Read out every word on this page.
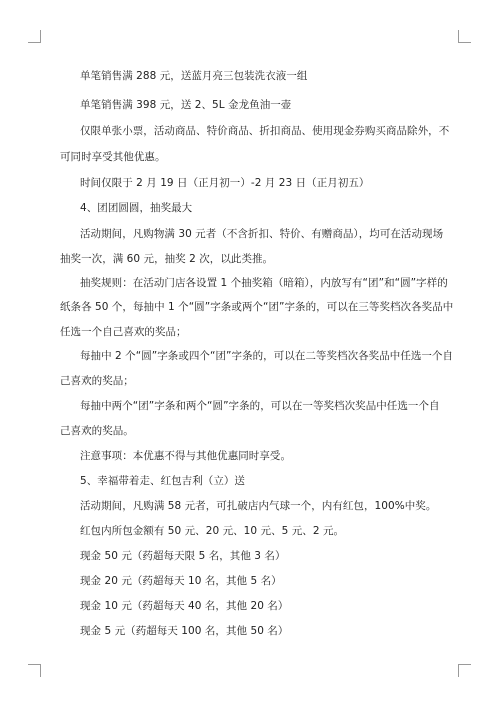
单笔销售满 288 元，送蓝月亮三包装洗衣液一组
单笔销售满 398 元，送 2、5L 金龙鱼油一壶
仅限单张小票，活动商品、特价商品、折扣商品、使用现金券购买商品除外，不
可同时享受其他优惠。
时间仅限于 2 月 19 日（正月初一）-2 月 23 日（正月初五）
4、团团圆圆，抽奖最大
活动期间，凡购物满 30 元者（不含折扣、特价、有赠商品），均可在活动现场
抽奖一次，满 60 元，抽奖 2 次，以此类推。
抽奖规则：在活动门店各设置 1 个抽奖箱（暗箱），内放写有“团”和“圆”字样的
纸条各 50 个，每抽中 1 个“圆”字条或两个“团”字条的，可以在三等奖档次各奖品中
任选一个自己喜欢的奖品；
每抽中 2 个“圆”字条或四个“团”字条的，可以在二等奖档次各奖品中任选一个自
己喜欢的奖品；
每抽中两个“团”字条和两个“圆”字条的，可以在一等奖档次奖品中任选一个自
己喜欢的奖品。
注意事项：本优惠不得与其他优惠同时享受。
5、幸福带着走、红包吉利（立）送
活动期间，凡购满 58 元者，可扎破店内气球一个，内有红包，100%中奖。
红包内所包金额有 50 元、20 元、10 元、5 元、2 元。
现金 50 元（药超每天限 5 名，其他 3 名）
现金 20 元（药超每天 10 名，其他 5 名）
现金 10 元（药超每天 40 名，其他 20 名）
现金 5 元（药超每天 100 名，其他 50 名）
